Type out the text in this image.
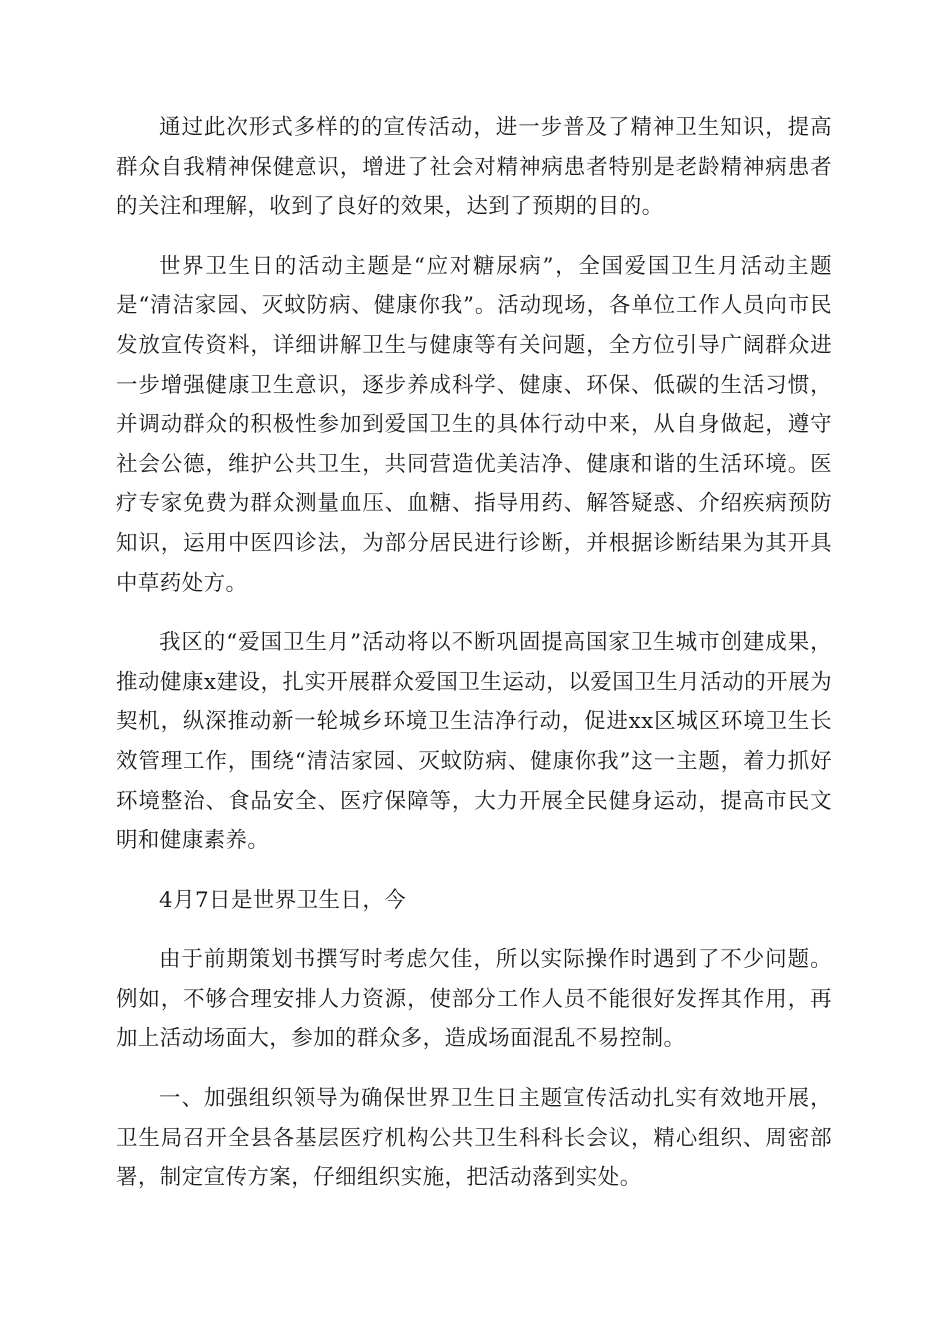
通过此次形式多样的的宣传活动，进一步普及了精神卫生知识，提高群众自我精神保健意识，增进了社会对精神病患者特别是老龄精神病患者的关注和理解，收到了良好的效果，达到了预期的目的。

世界卫生日的活动主题是“应对糖尿病”，全国爱国卫生月活动主题是“清洁家园、灭蚊防病、健康你我”。活动现场，各单位工作人员向市民发放宣传资料，详细讲解卫生与健康等有关问题，全方位引导广阔群众进一步增强健康卫生意识，逐步养成科学、健康、环保、低碳的生活习惯，并调动群众的积极性参加到爱国卫生的具体行动中来，从自身做起，遵守社会公德，维护公共卫生，共同营造优美洁净、健康和谐的生活环境。医疗专家免费为群众测量血压、血糖、指导用药、解答疑惑、介绍疾病预防知识，运用中医四诊法，为部分居民进行诊断，并根据诊断结果为其开具中草药处方。

我区的“爱国卫生月”活动将以不断巩固提高国家卫生城市创建成果，推动健康x建设，扎实开展群众爱国卫生运动，以爱国卫生月活动的开展为契机，纵深推动新一轮城乡环境卫生洁净行动，促进xx区城区环境卫生长效管理工作，围绕“清洁家园、灭蚊防病、健康你我”这一主题，着力抓好环境整治、食品安全、医疗保障等，大力开展全民健身运动，提高市民文明和健康素养。

4月7日是世界卫生日，今

由于前期策划书撰写时考虑欠佳，所以实际操作时遇到了不少问题。例如，不够合理安排人力资源，使部分工作人员不能很好发挥其作用，再加上活动场面大，参加的群众多，造成场面混乱不易控制。

一、加强组织领导为确保世界卫生日主题宣传活动扎实有效地开展，卫生局召开全县各基层医疗机构公共卫生科科长会议，精心组织、周密部署，制定宣传方案，仔细组织实施，把活动落到实处。
